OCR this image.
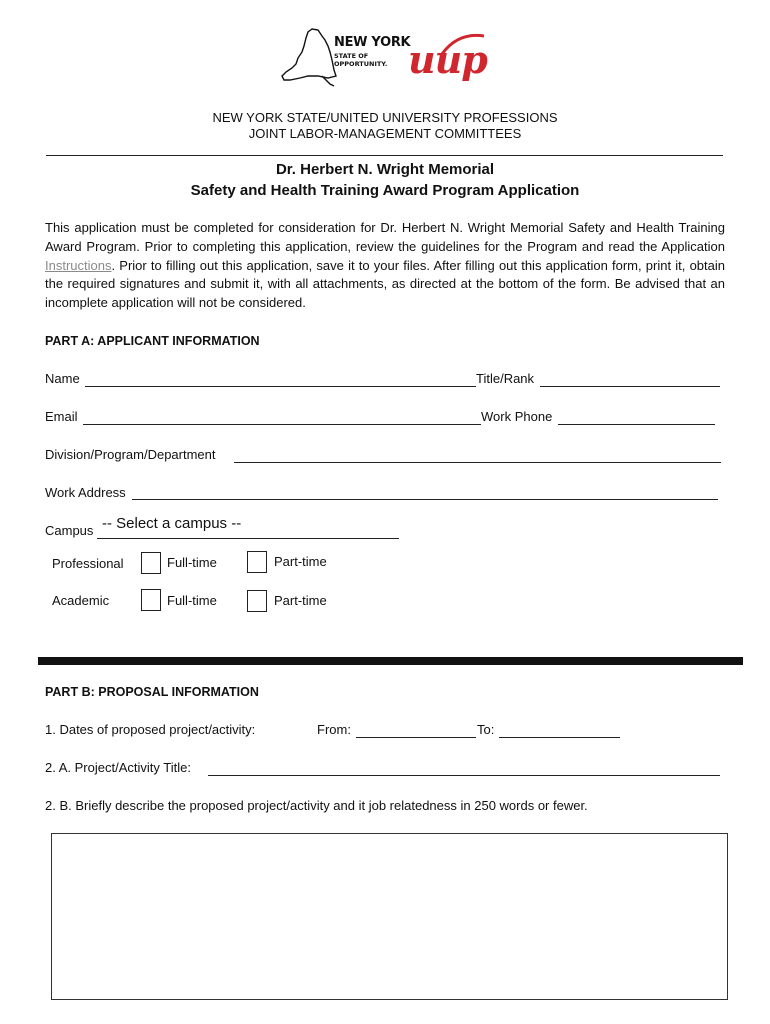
NEW YORK
STATE OF
OPPORTUNITY. uup
NEW YORK STATE/UNITED UNIVERSITY PROFESSIONS
JOINT LABOR-MANAGEMENT COMMITTEES
Dr. Herbert N. Wright Memorial
Safety and Health Training Award Program Application
This application must be completed for consideration for Dr. Herbert N. Wright Memorial Safety and Health Training Award Program. Prior to completing this application, review the guidelines for the Program and read the Application Instructions. Prior to filling out this application, save it to your files. After filling out this application form, print it, obtain the required signatures and submit it, with all attachments, as directed at the bottom of the form. Be advised that an incomplete application will not be considered.
PART A: APPLICANT INFORMATION
Name	Title/Rank
Email	Work Phone
Division/Program/Department
Work Address
Campus -- Select a campus --
Professional	Full-time	Part-time
Academic	Full-time	Part-time
PART B: PROPOSAL INFORMATION
1. Dates of proposed project/activity:	From:	To:
2. A. Project/Activity Title:
2. B. Briefly describe the proposed project/activity and it job relatedness in 250 words or fewer.
